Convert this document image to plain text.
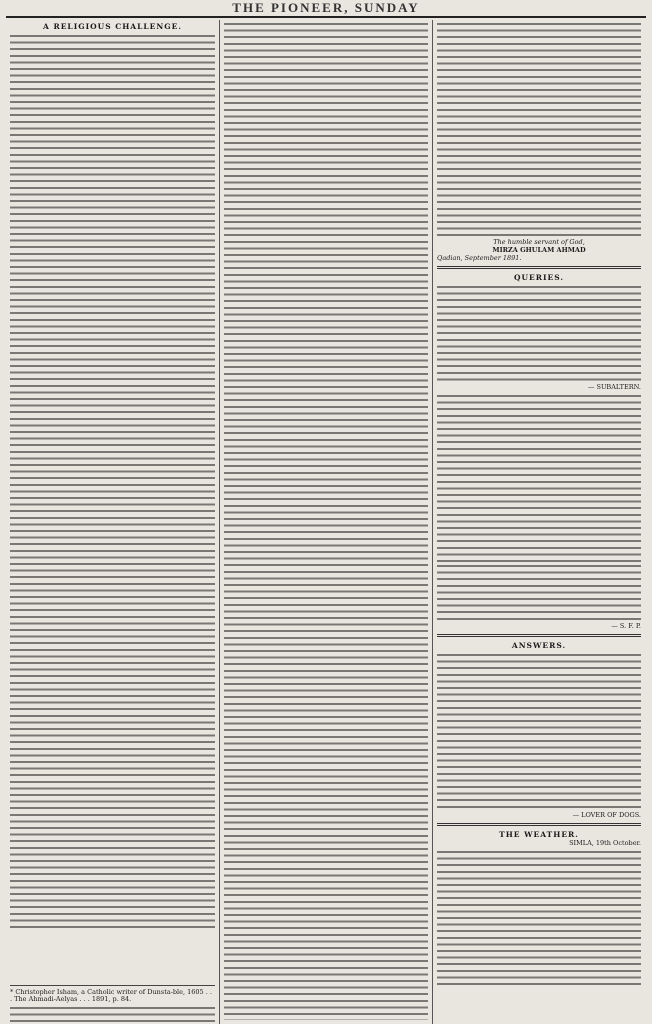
THE PIONEER, SUNDAY
A RELIGIOUS CHALLENGE.
* Christopher Isham, a Catholic writer of Dunsta-ble, 1605 . . . The Ahmadi-Aelyas . . . 1891, p. 84.
The humble servant of God,
MIRZA GHULAM AHMAD
Qadian, September 1891.
QUERIES.
— SUBALTERN.
— S. F. P.
ANSWERS.
— LOVER OF DOGS.
THE WEATHER.
SIMLA, 19th October.
